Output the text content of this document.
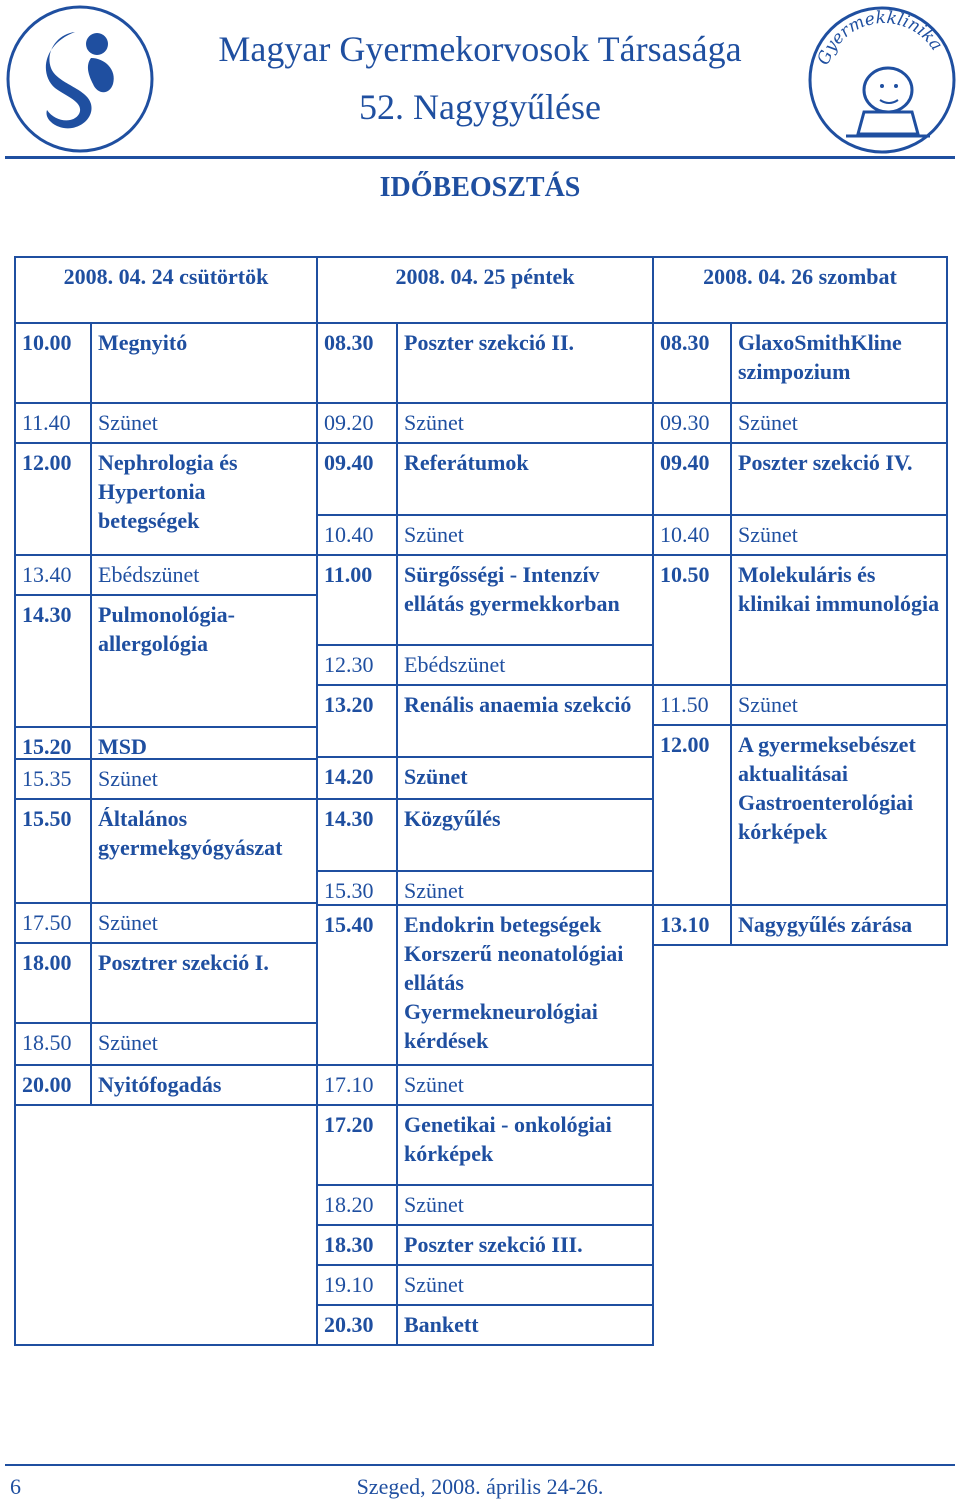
Gyermekklinika
Magyar Gyermekorvosok Társasága
52. Nagygyűlése
IDŐBEOSZTÁS
2008. 04. 24 csütörtök	2008. 04. 25 péntek	2008. 04. 26 szombat
10.00	Megnyitó
11.40	Szünet
12.00	Nephrologia és Hypertonia betegségek
13.40	Ebédszünet
14.30	Pulmonológia-allergológia
15.20	MSD
15.35	Szünet
15.50	Általános gyermekgyógyászat
17.50	Szünet
18.00	Posztrer szekció I.
18.50	Szünet
20.00	Nyitófogadás
08.30	Poszter szekció II.
09.20	Szünet
09.40	Referátumok
10.40	Szünet
11.00	Sürgősségi - Intenzív ellátás gyermekkorban
12.30	Ebédszünet
13.20	Renális anaemia szekció
14.20	Szünet
14.30	Közgyűlés
15.30	Szünet
15.40	Endokrin betegségek Korszerű neonatológiai ellátás Gyermekneurológiai kérdések
17.10	Szünet
17.20	Genetikai - onkológiai kórképek
18.20	Szünet
18.30	Poszter szekció III.
19.10	Szünet
20.30	Bankett
08.30	GlaxoSmithKline szimpozium
09.30	Szünet
09.40	Poszter szekció IV.
10.40	Szünet
10.50	Molekuláris és klinikai immunológia
11.50	Szünet
12.00	A gyermeksebészet aktualitásai Gastroenterológiai kórképek
13.10	Nagygyűlés zárása
6	Szeged, 2008. április 24-26.
